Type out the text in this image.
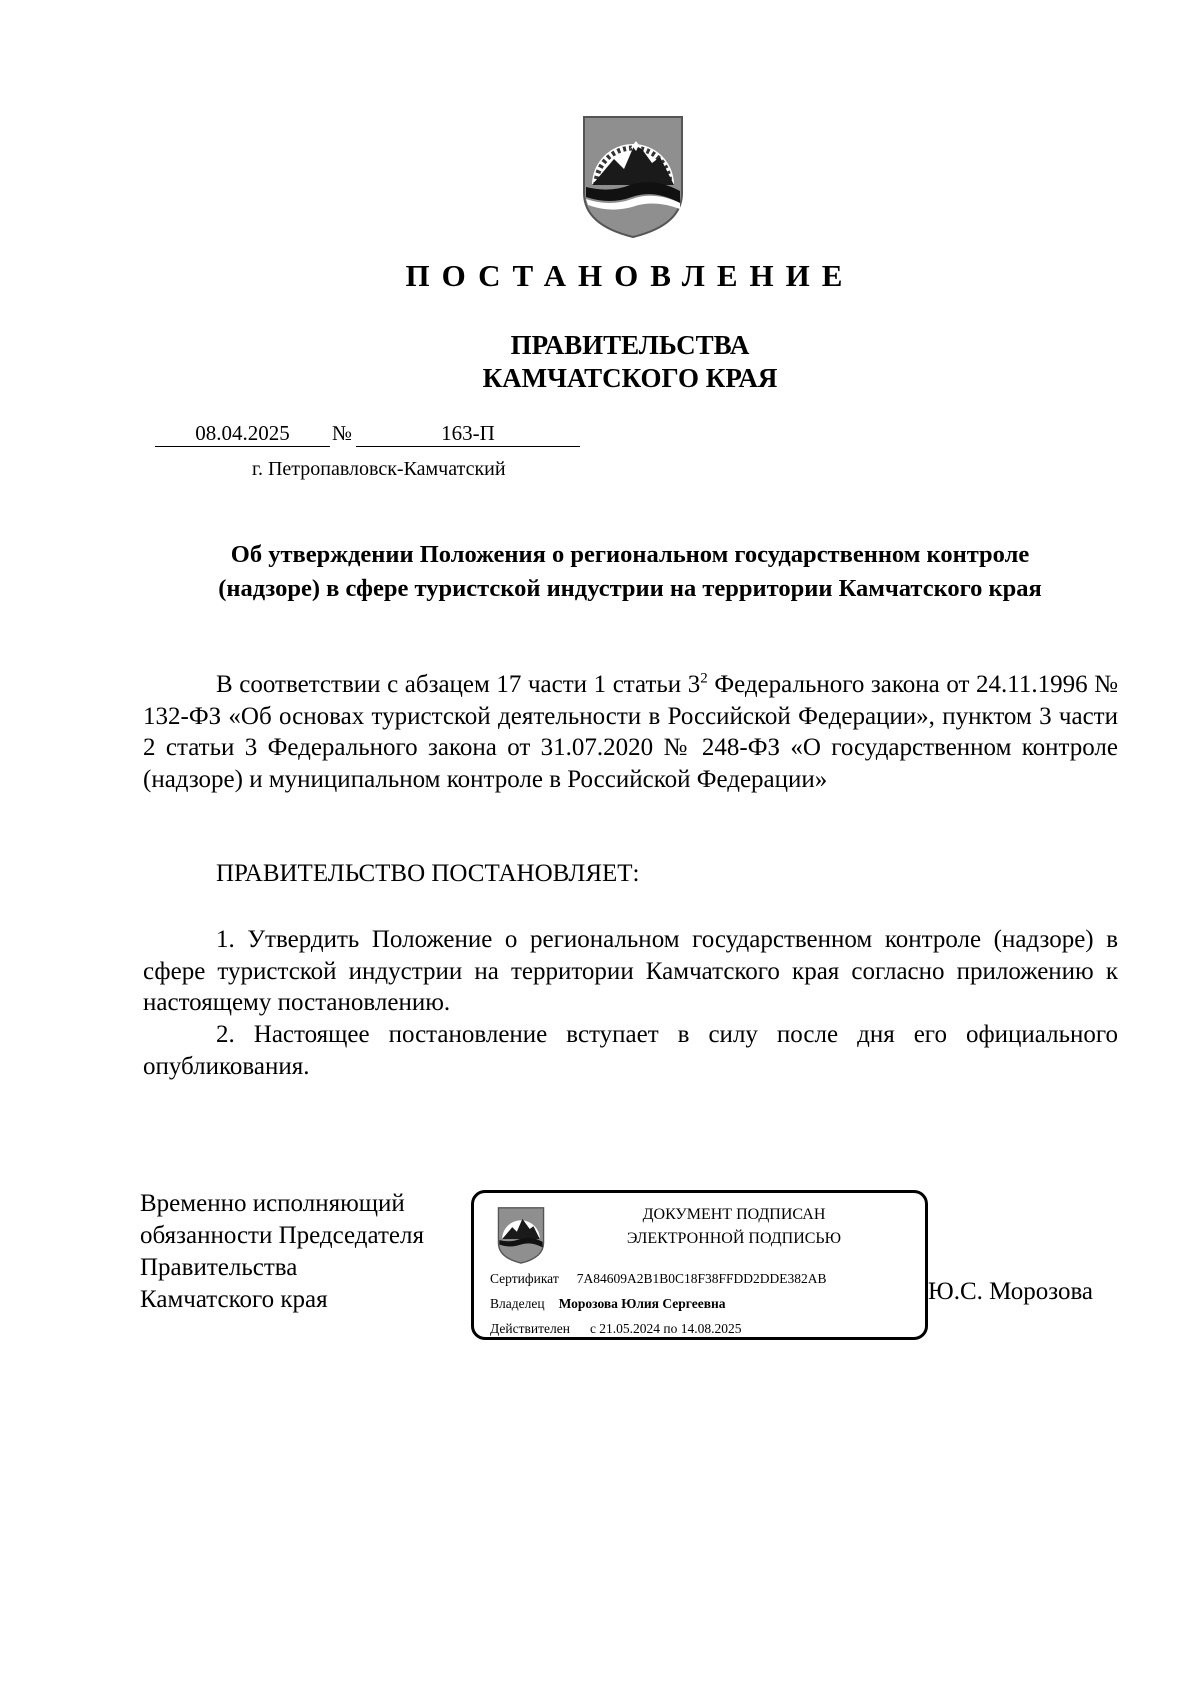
ПОСТАНОВЛЕНИЕ
ПРАВИТЕЛЬСТВА
КАМЧАТСКОГО КРАЯ
08.04.2025	№	163-П
г. Петропавловск-Камчатский
Об утверждении Положения о региональном государственном контроле
(надзоре) в сфере туристской индустрии на территории Камчатского края
В соответствии с абзацем 17 части 1 статьи $3^2$ Федерального закона от 24.11.1996 № 132-ФЗ «Об основах туристской деятельности в Российской Федерации», пунктом 3 части 2 статьи 3 Федерального закона от 31.07.2020 № 248-ФЗ «О государственном контроле (надзоре) и муниципальном контроле в Российской Федерации»
ПРАВИТЕЛЬСТВО ПОСТАНОВЛЯЕТ:
1. Утвердить Положение о региональном государственном контроле (надзоре) в сфере туристской индустрии на территории Камчатского края согласно приложению к настоящему постановлению.
2. Настоящее постановление вступает в силу после дня его официального опубликования.
Временно исполняющий
обязанности Председателя
Правительства
Камчатского края
ДОКУМЕНТ ПОДПИСАН
ЭЛЕКТРОННОЙ ПОДПИСЬЮ
Сертификат 7A84609A2B1B0C18F38FFDD2DDE382AB
Владелец Морозова Юлия Сергеевна
Действителен с 21.05.2024 по 14.08.2025
Ю.С. Морозова
